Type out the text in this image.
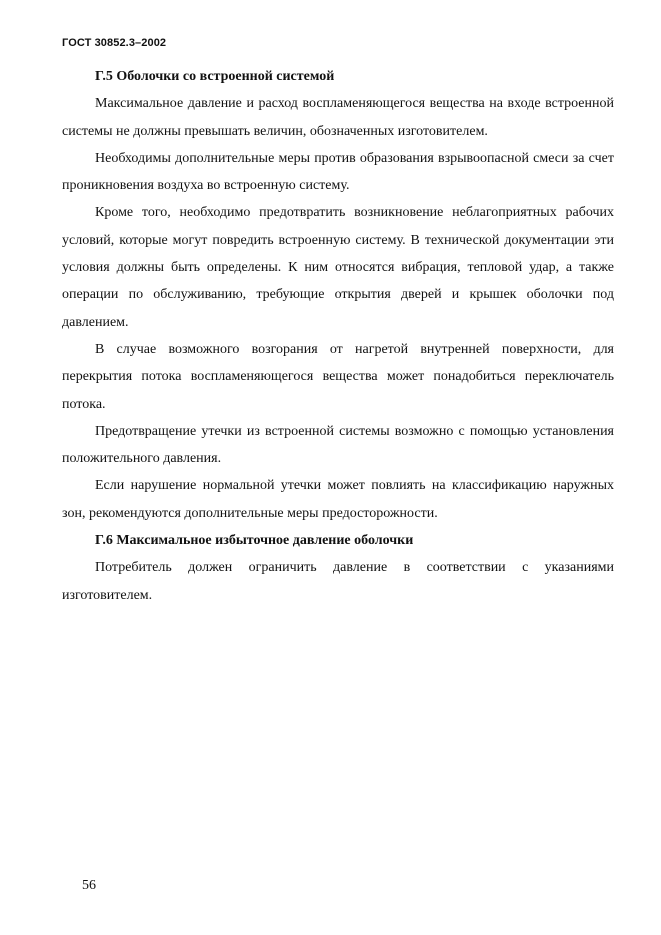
ГОСТ 30852.3–2002
Г.5 Оболочки со встроенной системой

Максимальное давление и расход воспламеняющегося вещества на входе встроенной системы не должны превышать величин, обозначенных изготовителем.

Необходимы дополнительные меры против образования взрывоопасной смеси за счет проникновения воздуха во встроенную систему.

Кроме того, необходимо предотвратить возникновение неблагоприятных рабочих условий, которые могут повредить встроенную систему. В технической документации эти условия должны быть определены. К ним относятся вибрация, тепловой удар, а также операции по обслуживанию, требующие открытия дверей и крышек оболочки под давлением.

В случае возможного возгорания от нагретой внутренней поверхности, для перекрытия потока воспламеняющегося вещества может понадобиться переключатель потока.

Предотвращение утечки из встроенной системы возможно с помощью установления положительного давления.

Если нарушение нормальной утечки может повлиять на классификацию наружных зон, рекомендуются дополнительные меры предосторожности.

Г.6 Максимальное избыточное давление оболочки

Потребитель должен ограничить давление в соответствии с указаниями изготовителем.

56
